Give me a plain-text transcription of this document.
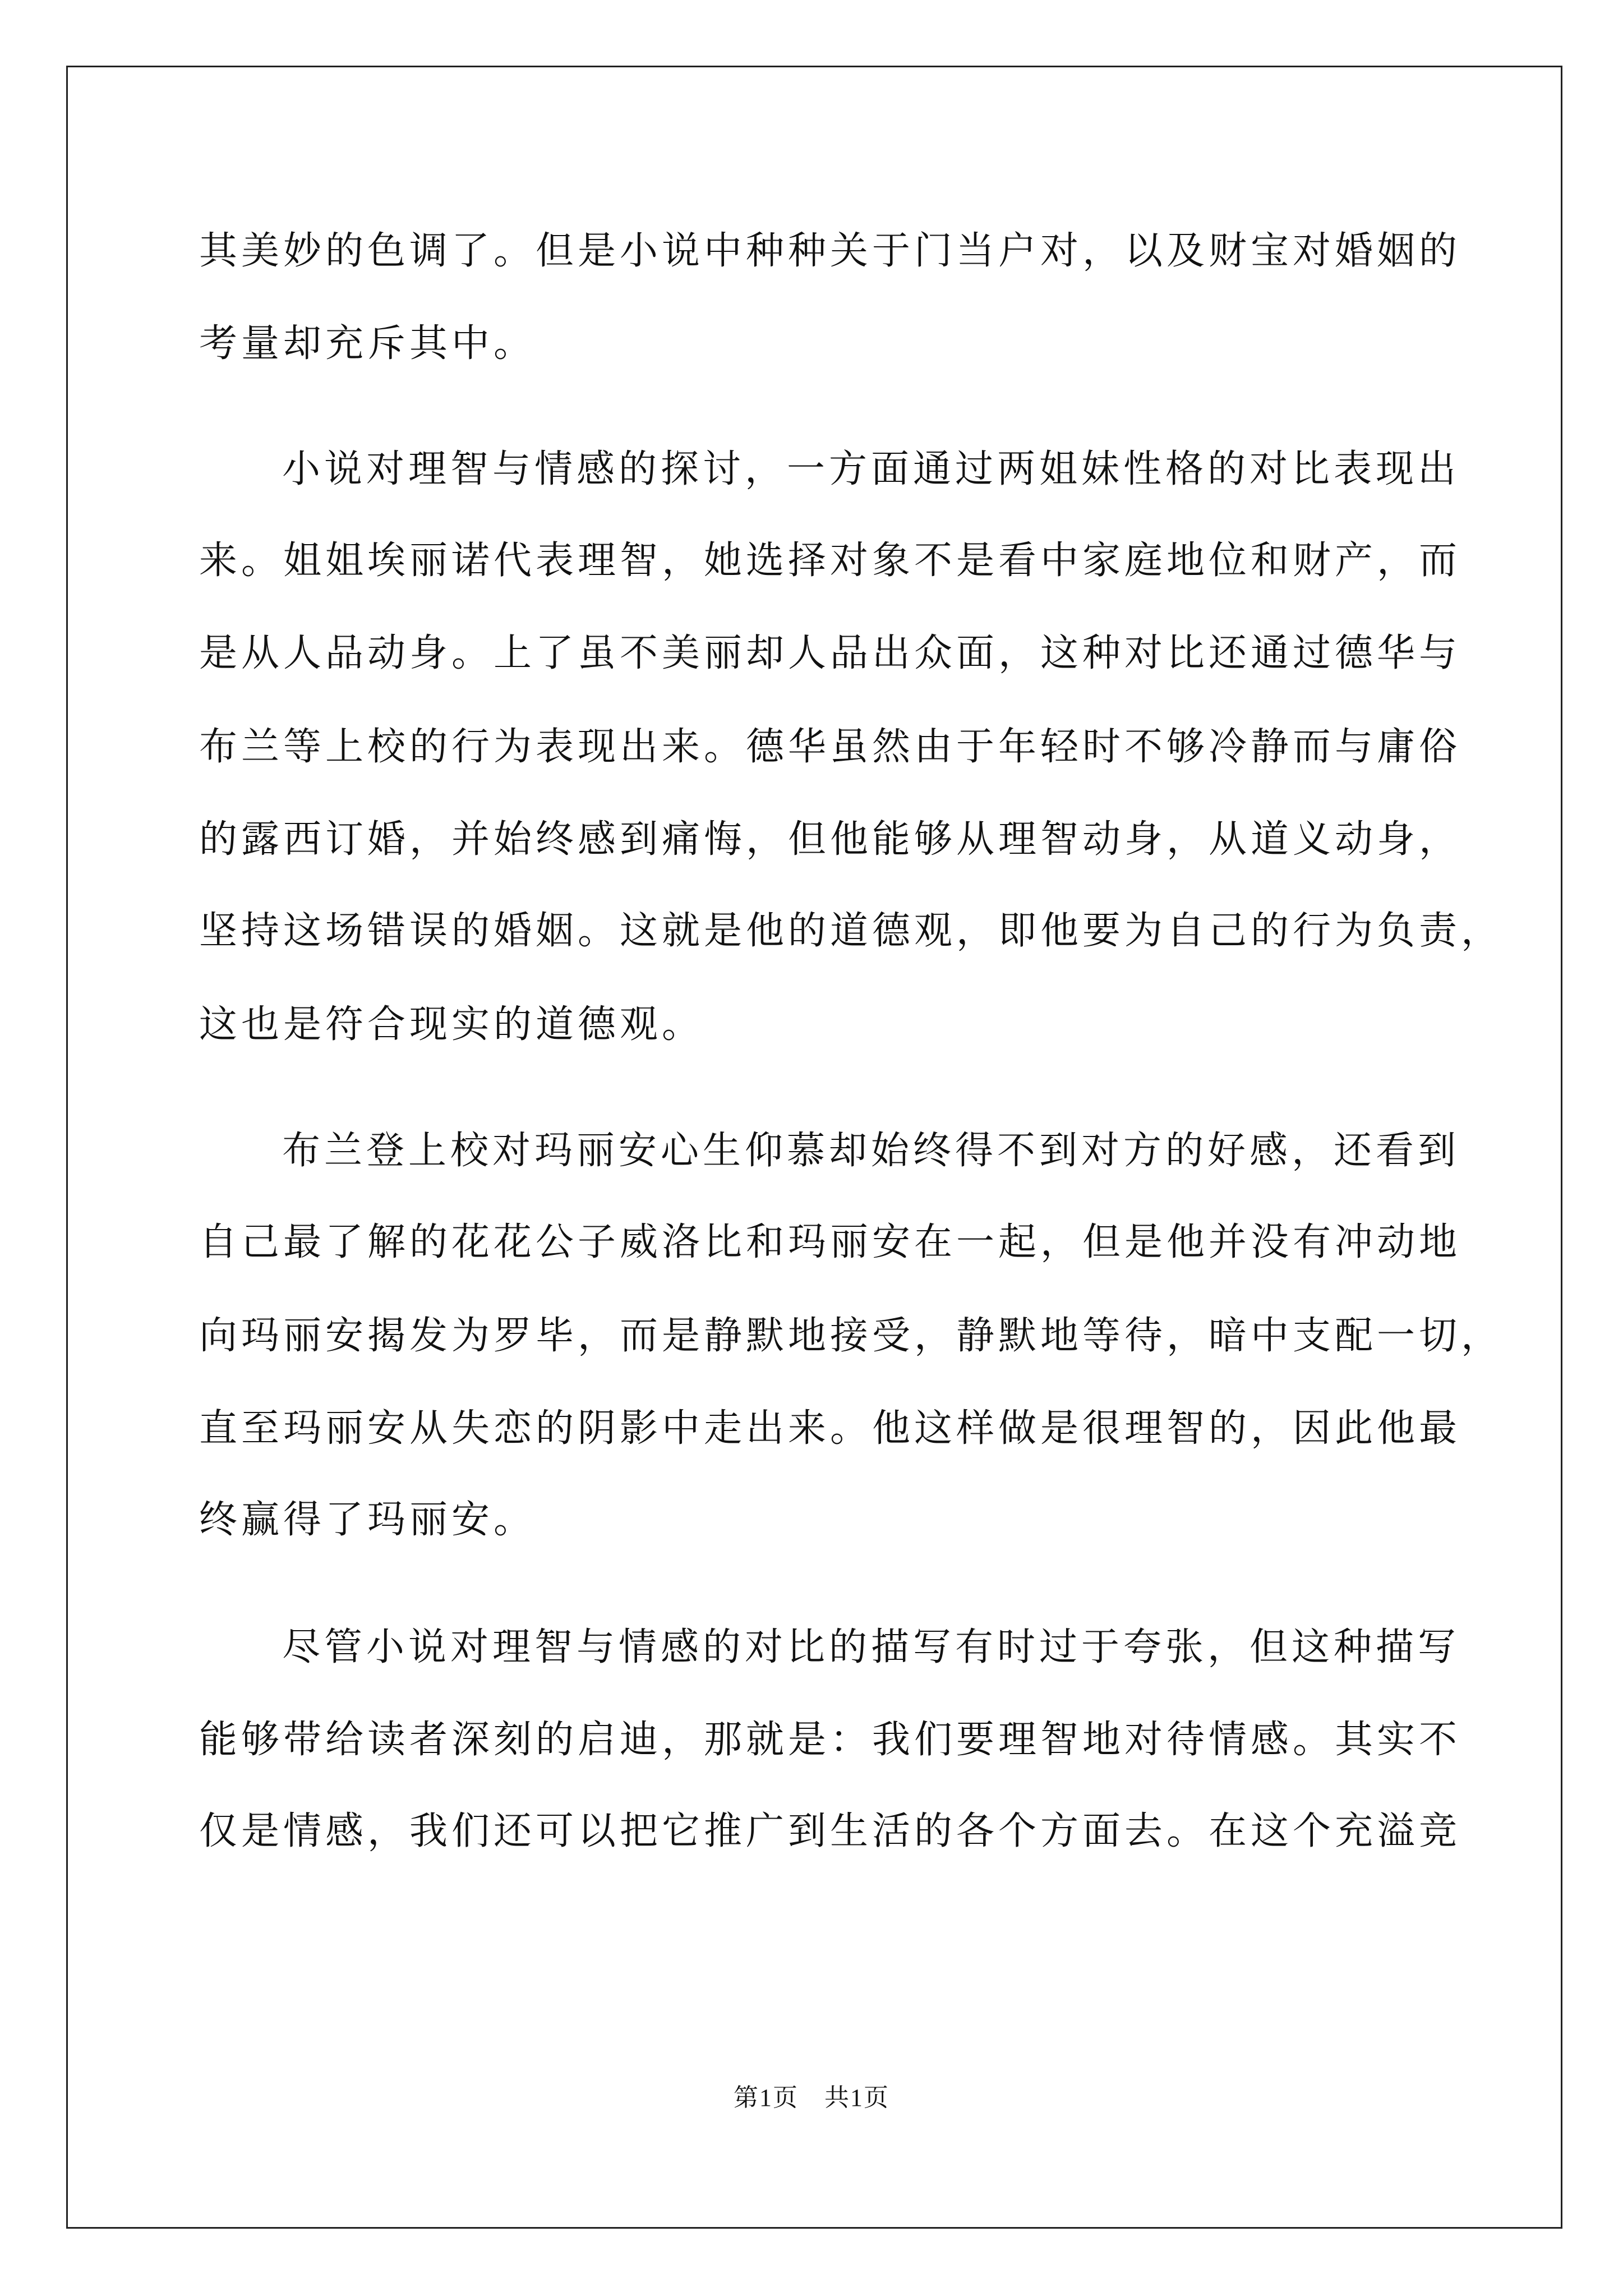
其美妙的色调了。但是小说中种种关于门当户对，以及财宝对婚姻的

考量却充斥其中。

小说对理智与情感的探讨，一方面通过两姐妹性格的对比表现出

来。姐姐埃丽诺代表理智，她选择对象不是看中家庭地位和财产，而

是从人品动身。上了虽不美丽却人品出众面，这种对比还通过德华与

布兰等上校的行为表现出来。德华虽然由于年轻时不够冷静而与庸俗

的露西订婚，并始终感到痛悔，但他能够从理智动身，从道义动身，

坚持这场错误的婚姻。这就是他的道德观，即他要为自己的行为负责，

这也是符合现实的道德观。

布兰登上校对玛丽安心生仰慕却始终得不到对方的好感，还看到

自己最了解的花花公子威洛比和玛丽安在一起，但是他并没有冲动地

向玛丽安揭发为罗毕，而是静默地接受，静默地等待，暗中支配一切，

直至玛丽安从失恋的阴影中走出来。他这样做是很理智的，因此他最

终赢得了玛丽安。

尽管小说对理智与情感的对比的描写有时过于夸张，但这种描写

能够带给读者深刻的启迪，那就是：我们要理智地对待情感。其实不

仅是情感，我们还可以把它推广到生活的各个方面去。在这个充溢竞

第1页　共1页
